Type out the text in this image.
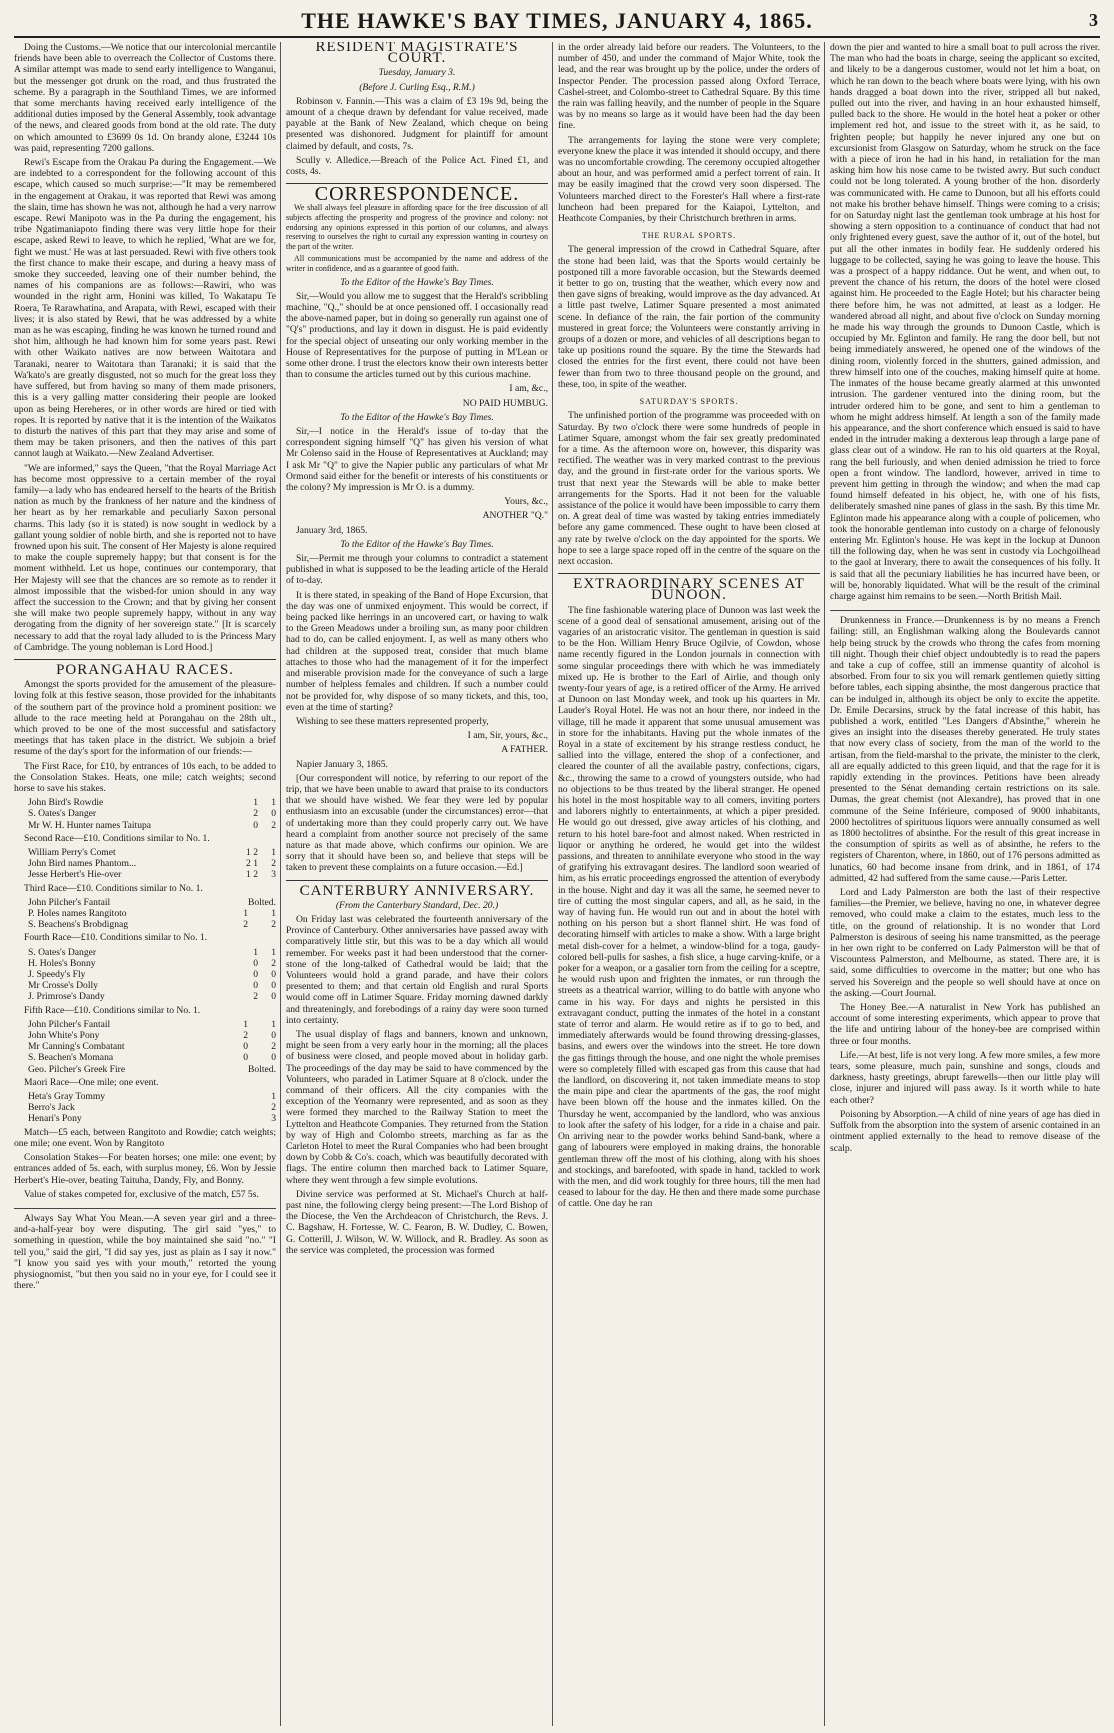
THE HAWKE'S BAY TIMES, JANUARY 4, 1865.	3

Doing the Customs.—We notice that our intercolonial mercantile friends have been able to overreach the Collector of Customs there. A similar attempt was made to send early intelligence to Wanganui, but the messenger got drunk on the road, and thus frustrated the scheme. By a paragraph in the Southland Times, we are informed that some merchants having received early intelligence of the additional duties imposed by the General Assembly, took advantage of the news, and cleared goods from bond at the old rate. The duty on which amounted to £3699 0s 1d. On brandy alone, £3244 10s was paid, representing 7200 gallons.

Rewi's Escape from the Orakau Pa during the Engagement.—We are indebted to a correspondent for the following account of this escape, which caused so much surprise:—"It may be remembered in the engagement at Orakau, it was reported that Rewi was among the slain, time has shown he was not, although he had a very narrow escape. Rewi Manipoto was in the Pa during the engagement, his tribe Ngatimaniapoto finding there was very little hope for their escape, asked Rewi to leave, to which he replied, 'What are we for, fight we must.' He was at last persuaded. Rewi with five others took the first chance to make their escape, and during a heavy mass of smoke they succeeded, leaving one of their number behind, the names of his companions are as follows:—Rawiri, who was wounded in the right arm, Honini was killed, To Wakatapu Te Roera, Te Rarawhatina, and Arapata, with Rewi, escaped with their lives; it is also stated by Rewi, that he was addressed by a white man as he was escaping, finding he was known he turned round and shot him, although he had known him for some years past. Rewi with other Waikato natives are now between Waitotara and Taranaki, nearer to Waitotara than Taranaki; it is said that the Wa'kato's are greatly disgusted, not so much for the great loss they have suffered, but from having so many of them made prisoners, this is a very galling matter considering their people are looked upon as being Hereheres, or in other words are hired or tied with ropes. It is reported by native that it is the intention of the Waikatos to disturb the natives of this part that they may arise and some of them may be taken prisoners, and then the natives of this part cannot laugh at Waikato.—New Zealand Advertiser.

"We are informed," says the Queen, "that the Royal Marriage Act has become most oppressive to a certain member of the royal family—a lady who has endeared herself to the hearts of the British nation as much by the frankness of her nature and the kindness of her heart as by her remarkable and peculiarly Saxon personal charms. This lady (so it is stated) is now sought in wedlock by a gallant young soldier of noble birth, and she is reported not to have frowned upon his suit. The consent of Her Majesty is alone required to make the couple supremely happy; but that consent is for the moment withheld. Let us hope, continues our contemporary, that Her Majesty will see that the chances are so remote as to render it almost impossible that the wisbed-for union should in any way affect the succession to the Crown; and that by giving her consent she will make two people supremely happy, without in any way derogating from the dignity of her sovereign state." [It is scarcely necessary to add that the royal lady alluded to is the Princess Mary of Cambridge. The young nobleman is Lord Hood.]

PORANGAHAU RACES.

Amongst the sports provided for the amusement of the pleasure-loving folk at this festive season, those provided for the inhabitants of the southern part of the province hold a prominent position: we allude to the race meeting held at Porangahau on the 28th ult., which proved to be one of the most successful and satisfactory meetings that has taken place in the district. We subjoin a brief resume of the day's sport for the information of our friends:—

The First Race, for £10, by entrances of 10s each, to be added to the Consolation Stakes. Heats, one mile; catch weights; second horse to save his stakes.

John Bird's Rowdie	1	1
S. Oates's Danger	2	0
Mr W. H. Hunter names Taitupa	0	2

Second Race—£10. Conditions similar to No. 1.

William Perry's Comet	1 2	1
John Bird names Phantom...	2 1	2
Jesse Herbert's Hie-over	1 2	3

Third Race—£10. Conditions similar to No. 1.

John Pilcher's Fantail		Bolted.
P. Holes names Rangitoto	1	1
S. Beachens's Brobdignag	2	2

Fourth Race—£10. Conditions similar to No. 1.

S. Oates's Danger	1	1
H. Holes's Bonny	0	2
J. Speedy's Fly	0	0
Mr Crosse's Dolly	0	0
J. Primrose's Dandy	2	0

Fifth Race—£10. Conditions similar to No. 1.

John Pilcher's Fantail	1	1
John White's Pony	2	0
Mr Canning's Combatant	0	2
S. Beachen's Momana	0	0
Geo. Pilcher's Greek Fire		Bolted.

Maori Race—One mile; one event.

Heta's Gray Tommy		1
Berro's Jack		2
Henari's Pony		3

Match—£5 each, between Rangitoto and Rowdie; catch weights; one mile; one event. Won by Rangitoto

Consolation Stakes—For beaten horses; one mile: one event; by entrances added of 5s. each, with surplus money, £6. Won by Jessie Herbert's Hie-over, beating Taituha, Dandy, Fly, and Bonny.

Value of stakes competed for, exclusive of the match, £57 5s.

Always Say What You Mean.—A seven year girl and a three-and-a-half-year boy were disputing. The girl said "yes," to something in question, while the boy maintained she said "no." "I tell you," said the girl, "I did say yes, just as plain as I say it now." "I know you said yes with your mouth," retorted the young physiognomist, "but then you said no in your eye, for I could see it there."

RESIDENT MAGISTRATE'S COURT.
Tuesday, January 3.
(Before J. Curling Esq., R.M.)

Robinson v. Fannin.—This was a claim of £3 19s 9d, being the amount of a cheque drawn by defendant for value received, made payable at the Bank of New Zealand, which cheque on being presented was dishonored. Judgment for plaintiff for amount claimed by default, and costs, 7s.

Scully v. Alledice.—Breach of the Police Act. Fined £1, and costs, 4s.

CORRESPONDENCE.

We shall always feel pleasure in affording space for the free discussion of all subjects affecting the prosperity and progress of the province and colony: not endorsing any opinions expressed in this portion of our columns, and always reserving to ourselves the right to curtail any expression wanting in courtesy on the part of the writer.

All communications must be accompanied by the name and address of the writer in confidence, and as a guarantee of good faith.

To the Editor of the Hawke's Bay Times.

Sir,—Would you allow me to suggest that the Herald's scribbling machine, "Q.," should be at once pensioned off. I occasionally read the above-named paper, but in doing so generally run against one of "Q's" productions, and lay it down in disgust. He is paid evidently for the special object of unseating our only working member in the House of Representatives for the purpose of putting in M'Lean or some other drone. I trust the electors know their own interests better than to consume the articles turned out by this curious machine.

I am, &c.,
NO PAID HUMBUG.
To the Editor of the Hawke's Bay Times.

Sir,—I notice in the Herald's issue of to-day that the correspondent signing himself "Q" has given his version of what Mr Colenso said in the House of Representatives at Auckland; may I ask Mr "Q" to give the Napier public any particulars of what Mr Ormond said either for the benefit or interests of his constituents or the colony? My impression is Mr O. is a dummy.

Yours, &c.,
ANOTHER "Q."

January 3rd, 1865.

To the Editor of the Hawke's Bay Times.

Sir,—Permit me through your columns to contradict a statement published in what is supposed to be the leading article of the Herald of to-day.

It is there stated, in speaking of the Band of Hope Excursion, that the day was one of unmixed enjoyment. This would be correct, if being packed like herrings in an uncovered cart, or having to walk to the Green Meadows under a broiling sun, as many poor children had to do, can be called enjoyment. I, as well as many others who had children at the supposed treat, consider that much blame attaches to those who had the management of it for the imperfect and miserable provision made for the conveyance of such a large number of helpless females and children. If such a number could not be provided for, why dispose of so many tickets, and this, too, even at the time of starting?

Wishing to see these matters represented properly,

I am, Sir, yours, &c.,
A FATHER.

Napier January 3, 1865.

[Our correspondent will notice, by referring to our report of the trip, that we have been unable to award that praise to its conductors that we should have wished. We fear they were led by popular enthusiasm into an excusable (under the circumstances) error—that of undertaking more than they could properly carry out. We have heard a complaint from another source not precisely of the same nature as that made above, which confirms our opinion. We are sorry that it should have been so, and believe that steps will be taken to prevent these complaints on a future occasion.—Ed.]

CANTERBURY ANNIVERSARY.
(From the Canterbury Standard, Dec. 20.)

On Friday last was celebrated the fourteenth anniversary of the Province of Canterbury. Other anniversaries have passed away with comparatively little stir, but this was to be a day which all would remember. For weeks past it had been understood that the corner-stone of the long-talked of Cathedral would be laid; that the Volunteers would hold a grand parade, and have their colors presented to them; and that certain old English and rural Sports would come off in Latimer Square. Friday morning dawned darkly and threateningly, and forebodings of a rainy day were soon turned into certainty.

The usual display of flags and banners, known and unknown, might be seen from a very early hour in the morning; all the places of business were closed, and people moved about in holiday garb. The proceedings of the day may be said to have commenced by the Volunteers, who paraded in Latimer Square at 8 o'clock. under the command of their officers. All the city companies with the exception of the Yeomanry were represented, and as soon as they were formed they marched to the Railway Station to meet the Lyttelton and Heathcote Companies. They returned from the Station by way of High and Colombo streets, marching as far as the Carleton Hotel to meet the Rural Companies who had been brought down by Cobb & Co's. coach, which was beautifully decorated with flags. The entire column then marched back to Latimer Square, where they went through a few simple evolutions.

Divine service was performed at St. Michael's Church at half-past nine, the following clergy being present:—The Lord Bishop of the Diocese, the Ven the Archdeacon of Christchurch, the Revs. J. C. Bagshaw, H. Fortesse, W. C. Fearon, B. W. Dudley, C. Bowen, G. Cotterill, J. Wilson, W. W. Willock, and R. Bradley. As soon as the service was completed, the procession was formed

in the order already laid before our readers. The Volunteers, to the number of 450, and under the command of Major White, took the lead, and the rear was brought up by the police, under the orders of Inspector Pender. The procession passed along Oxford Terrace, Cashel-street, and Colombo-street to Cathedral Square. By this time the rain was falling heavily, and the number of people in the Square was by no means so large as it would have been had the day been fine.

The arrangements for laying the stone were very complete; everyone knew the place it was intended it should occupy, and there was no uncomfortable crowding. The ceremony occupied altogether about an hour, and was performed amid a perfect torrent of rain. It may be easily imagined that the crowd very soon dispersed. The Volunteers marched direct to the Forester's Hall where a first-rate luncheon had been prepared for the Kaiapoi, Lyttelton, and Heathcote Companies, by their Christchurch brethren in arms.

THE RURAL SPORTS.

The general impression of the crowd in Cathedral Square, after the stone had been laid, was that the Sports would certainly be postponed till a more favorable occasion, but the Stewards deemed it better to go on, trusting that the weather, which every now and then gave signs of breaking, would improve as the day advanced. At a little past twelve, Latimer Square presented a most animated scene. In defiance of the rain, the fair portion of the community mustered in great force; the Volunteers were constantly arriving in groups of a dozen or more, and vehicles of all descriptions began to take up positions round the square. By the time the Stewards had closed the entries for the first event, there could not have been fewer than from two to three thousand people on the ground, and these, too, in spite of the weather.

SATURDAY'S SPORTS.

The unfinished portion of the programme was proceeded with on Saturday. By two o'clock there were some hundreds of people in Latimer Square, amongst whom the fair sex greatly predominated for a time. As the afternoon wore on, however, this disparity was rectified. The weather was in very marked contrast to the previous day, and the ground in first-rate order for the various sports. We trust that next year the Stewards will be able to make better arrangements for the Sports. Had it not been for the valuable assistance of the police it would have been impossible to carry them on. A great deal of time was wasted by taking entries immediately before any game commenced. These ought to have been closed at any rate by twelve o'clock on the day appointed for the sports. We hope to see a large space roped off in the centre of the square on the next occasion.

EXTRAORDINARY SCENES AT DUNOON.

The fine fashionable watering place of Dunoon was last week the scene of a good deal of sensational amusement, arising out of the vagaries of an aristocratic visitor. The gentleman in question is said to be the Hon. William Henry Bruce Ogilvie, of Cowdon, whose name recently figured in the London journals in connection with some singular proceedings there with which he was immediately mixed up. He is brother to the Earl of Airlie, and though only twenty-four years of age, is a retired officer of the Army. He arrived at Dunoon on last Monday week, and took up his quarters in Mr. Lauder's Royal Hotel. He was not an hour there, nor indeed in the village, till he made it apparent that some unusual amusement was in store for the inhabitants. Having put the whole inmates of the Royal in a state of excitement by his strange restless conduct, he sallied into the village, entered the shop of a confectioner, and cleared the counter of all the available pastry, confections, cigars, &c., throwing the same to a crowd of youngsters outside, who had no objections to be thus treated by the liberal stranger. He opened his hotel in the most hospitable way to all comers, inviting porters and laborers nightly to entertainments, at which a piper presided. He would go out dressed, give away articles of his clothing, and return to his hotel bare-foot and almost naked. When restricted in liquor or anything he ordered, he would get into the wildest passions, and threaten to annihilate everyone who stood in the way of gratifying his extravagant desires. The landlord soon wearied of him, as his erratic proceedings engrossed the attention of everybody in the house. Night and day it was all the same, he seemed never to tire of cutting the most singular capers, and all, as he said, in the way of having fun. He would run out and in about the hotel with nothing on his person but a short flannel shirt. He was fond of decorating himself with articles to make a show. With a large bright metal dish-cover for a helmet, a window-blind for a toga, gaudy-colored bell-pulls for sashes, a fish slice, a huge carving-knife, or a poker for a weapon, or a gasalier torn from the ceiling for a sceptre, he would rush upon and frighten the inmates, or run through the streets as a theatrical warrior, willing to do battle with anyone who came in his way. For days and nights he persisted in this extravagant conduct, putting the inmates of the hotel in a constant state of terror and alarm. He would retire as if to go to bed, and immediately afterwards would be found throwing dressing-glasses, basins, and ewers over the windows into the street. He tore down the gas fittings through the house, and one night the whole premises were so completely filled with escaped gas from this cause that had the landlord, on discovering it, not taken immediate means to stop the main pipe and clear the apartments of the gas, the roof might have been blown off the house and the inmates killed. On the Thursday he went, accompanied by the landlord, who was anxious to look after the safety of his lodger, for a ride in a chaise and pair. On arriving near to the powder works behind Sand-bank, where a gang of labourers were employed in making drains, the honorable gentleman threw off the most of his clothing, along with his shoes and stockings, and barefooted, with spade in hand, tackled to work with the men, and did work toughly for three hours, till the men had ceased to labour for the day. He then and there made some purchase of cattle. One day he ran

down the pier and wanted to hire a small boat to pull across the river. The man who had the boats in charge, seeing the applicant so excited, and likely to be a dangerous customer, would not let him a boat, on which he ran down to the beach where boats were lying, with his own hands dragged a boat down into the river, stripped all but naked, pulled out into the river, and having in an hour exhausted himself, pulled back to the shore. He would in the hotel heat a poker or other implement red hot, and issue to the street with it, as he said, to frighten people; but happily he never injured any one but on excursionist from Glasgow on Saturday, whom he struck on the face with a piece of iron he had in his hand, in retaliation for the man asking him how his nose came to be twisted awry. But such conduct could not be long tolerated. A young brother of the hon. disorderly was communicated with. He came to Dunoon, but all his efforts could not make his brother behave himself. Things were coming to a crisis; for on Saturday night last the gentleman took umbrage at his host for showing a stern opposition to a continuance of conduct that had not only frightened every guest, save the author of it, out of the hotel, but put all the other inmates in bodily fear. He suddenly ordered his luggage to be collected, saying he was going to leave the house. This was a prospect of a happy riddance. Out he went, and when out, to prevent the chance of his return, the doors of the hotel were closed against him. He proceeded to the Eagle Hotel; but his character being there before him, he was not admitted, at least as a lodger. He wandered abroad all night, and about five o'clock on Sunday morning he made his way through the grounds to Dunoon Castle, which is occupied by Mr. Eglinton and family. He rang the door bell, but not being immediately answered, he opened one of the windows of the dining room, violently forced in the shutters, gained admission, and threw himself into one of the couches, making himself quite at home. The inmates of the house became greatly alarmed at this unwonted intrusion. The gardener ventured into the dining room, but the intruder ordered him to be gone, and sent to him a gentleman to whom he might address himself. At length a son of the family made his appearance, and the short conference which ensued is said to have ended in the intruder making a dexterous leap through a large pane of glass clear out of a window. He ran to his old quarters at the Royal, rang the bell furiously, and when denied admission he tried to force open a front window. The landlord, however, arrived in time to prevent him getting in through the window; and when the mad cap found himself defeated in his object, he, with one of his fists, deliberately smashed nine panes of glass in the sash. By this time Mr. Eglinton made his appearance along with a couple of policemen, who took the honorable gentleman into custody on a charge of felonously entering Mr. Eglinton's house. He was kept in the lockup at Dunoon till the following day, when he was sent in custody via Lochgoilhead to the gaol at Inverary, there to await the consequences of his folly. It is said that all the pecuniary liabilities he has incurred have been, or will be, honorably liquidated. What will be the result of the criminal charge against him remains to be seen.—North British Mail.

Drunkenness in France.—Drunkenness is by no means a French failing: still, an Englishman walking along the Boulevards cannot help being struck by the crowds who throng the cafes from morning till night. Though their chief object undoubtedly is to read the papers and take a cup of coffee, still an immense quantity of alcohol is absorbed. From four to six you will remark gentlemen quietly sitting before tables, each sipping absinthe, the most dangerous practice that can be indulged in, although its object be only to excite the appetite. Dr. Emile Decarsins, struck by the fatal increase of this habit, has published a work, entitled "Les Dangers d'Absinthe," wherein he gives an insight into the diseases thereby generated. He truly states that now every class of society, from the man of the world to the artisan, from the field-marshal to the private, the minister to the clerk, all are equally addicted to this green liquid, and that the rage for it is rapidly extending in the provinces. Petitions have been already presented to the Sénat demanding certain restrictions on its sale. Dumas, the great chemist (not Alexandre), has proved that in one commune of the Seine Inférieure, composed of 9000 inhabitants, 2000 hectolitres of spirituous liquors were annually consumed as well as 1800 hectolitres of absinthe. For the result of this great increase in the consumption of spirits as well as of absinthe, he refers to the registers of Charenton, where, in 1860, out of 176 persons admitted as lunatics, 60 had become insane from drink, and in 1861, of 174 admitted, 42 had suffered from the same cause.—Paris Letter.

Lord and Lady Palmerston are both the last of their respective families—the Premier, we believe, having no one, in whatever degree removed, who could make a claim to the estates, much less to the title, on the ground of relationship. It is no wonder that Lord Palmerston is desirous of seeing his name transmitted, as the peerage in her own right to be conferred on Lady Palmerston will be that of Viscountess Palmerston, and Melbourne, as stated. There are, it is said, some difficulties to overcome in the matter; but one who has served his Sovereign and the people so well should have at once on the asking.—Court Journal.

The Honey Bee.—A naturalist in New York has published an account of some interesting experiments, which appear to prove that the life and untiring labour of the honey-bee are comprised within three or four months.

Life.—At best, life is not very long. A few more smiles, a few more tears, some pleasure, much pain, sunshine and songs, clouds and darkness, hasty greetings, abrupt farewells—then our little play will close, injurer and injured will pass away. Is it worth while to hate each other?

Poisoning by Absorption.—A child of nine years of age has died in Suffolk from the absorption into the system of arsenic contained in an ointment applied externally to the head to remove disease of the scalp.
